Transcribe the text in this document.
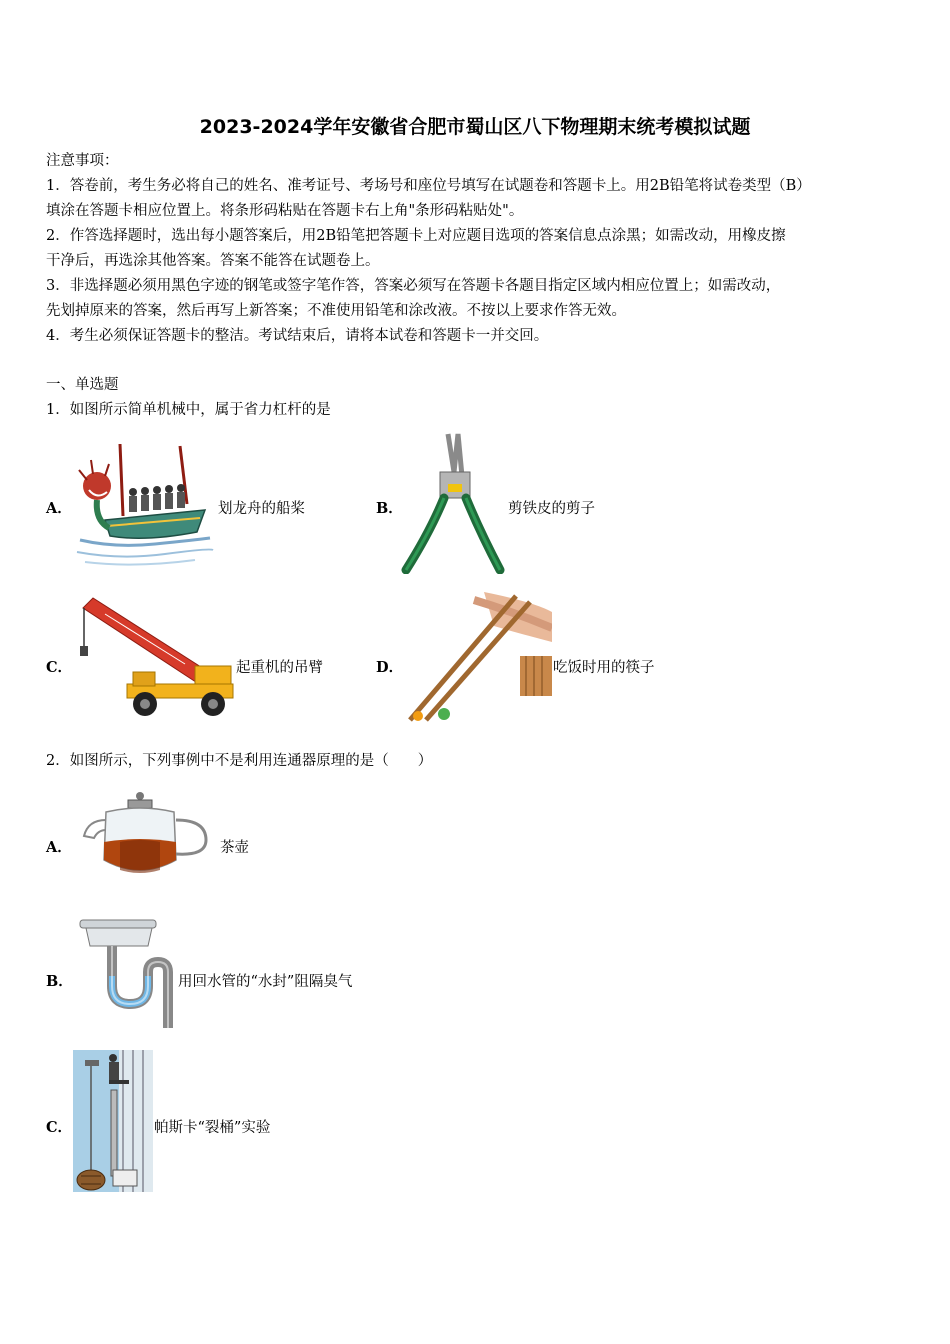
2023-2024学年安徽省合肥市蜀山区八下物理期末统考模拟试题
注意事项：
1．答卷前，考生务必将自己的姓名、准考证号、考场号和座位号填写在试题卷和答题卡上。用2B铅笔将试卷类型（B）
填涂在答题卡相应位置上。将条形码粘贴在答题卡右上角"条形码粘贴处"。
2．作答选择题时，选出每小题答案后，用2B铅笔把答题卡上对应题目选项的答案信息点涂黑；如需改动，用橡皮擦
干净后，再选涂其他答案。答案不能答在试题卷上。
3．非选择题必须用黑色字迹的钢笔或签字笔作答，答案必须写在答题卡各题目指定区域内相应位置上；如需改动，
先划掉原来的答案，然后再写上新答案；不准使用铅笔和涂改液。不按以上要求作答无效。
4．考生必须保证答题卡的整洁。考试结束后，请将本试卷和答题卡一并交回。
一、单选题
1．如图所示简单机械中，属于省力杠杆的是
A．	划龙舟的船桨	B．	剪铁皮的剪子
C．	起重机的吊臂	D．	吃饭时用的筷子
2．如图所示，下列事例中不是利用连通器原理的是（　　）
A．	茶壶
B．	用回水管的“水封”阻隔臭气
C．	帕斯卡“裂桶”实验
